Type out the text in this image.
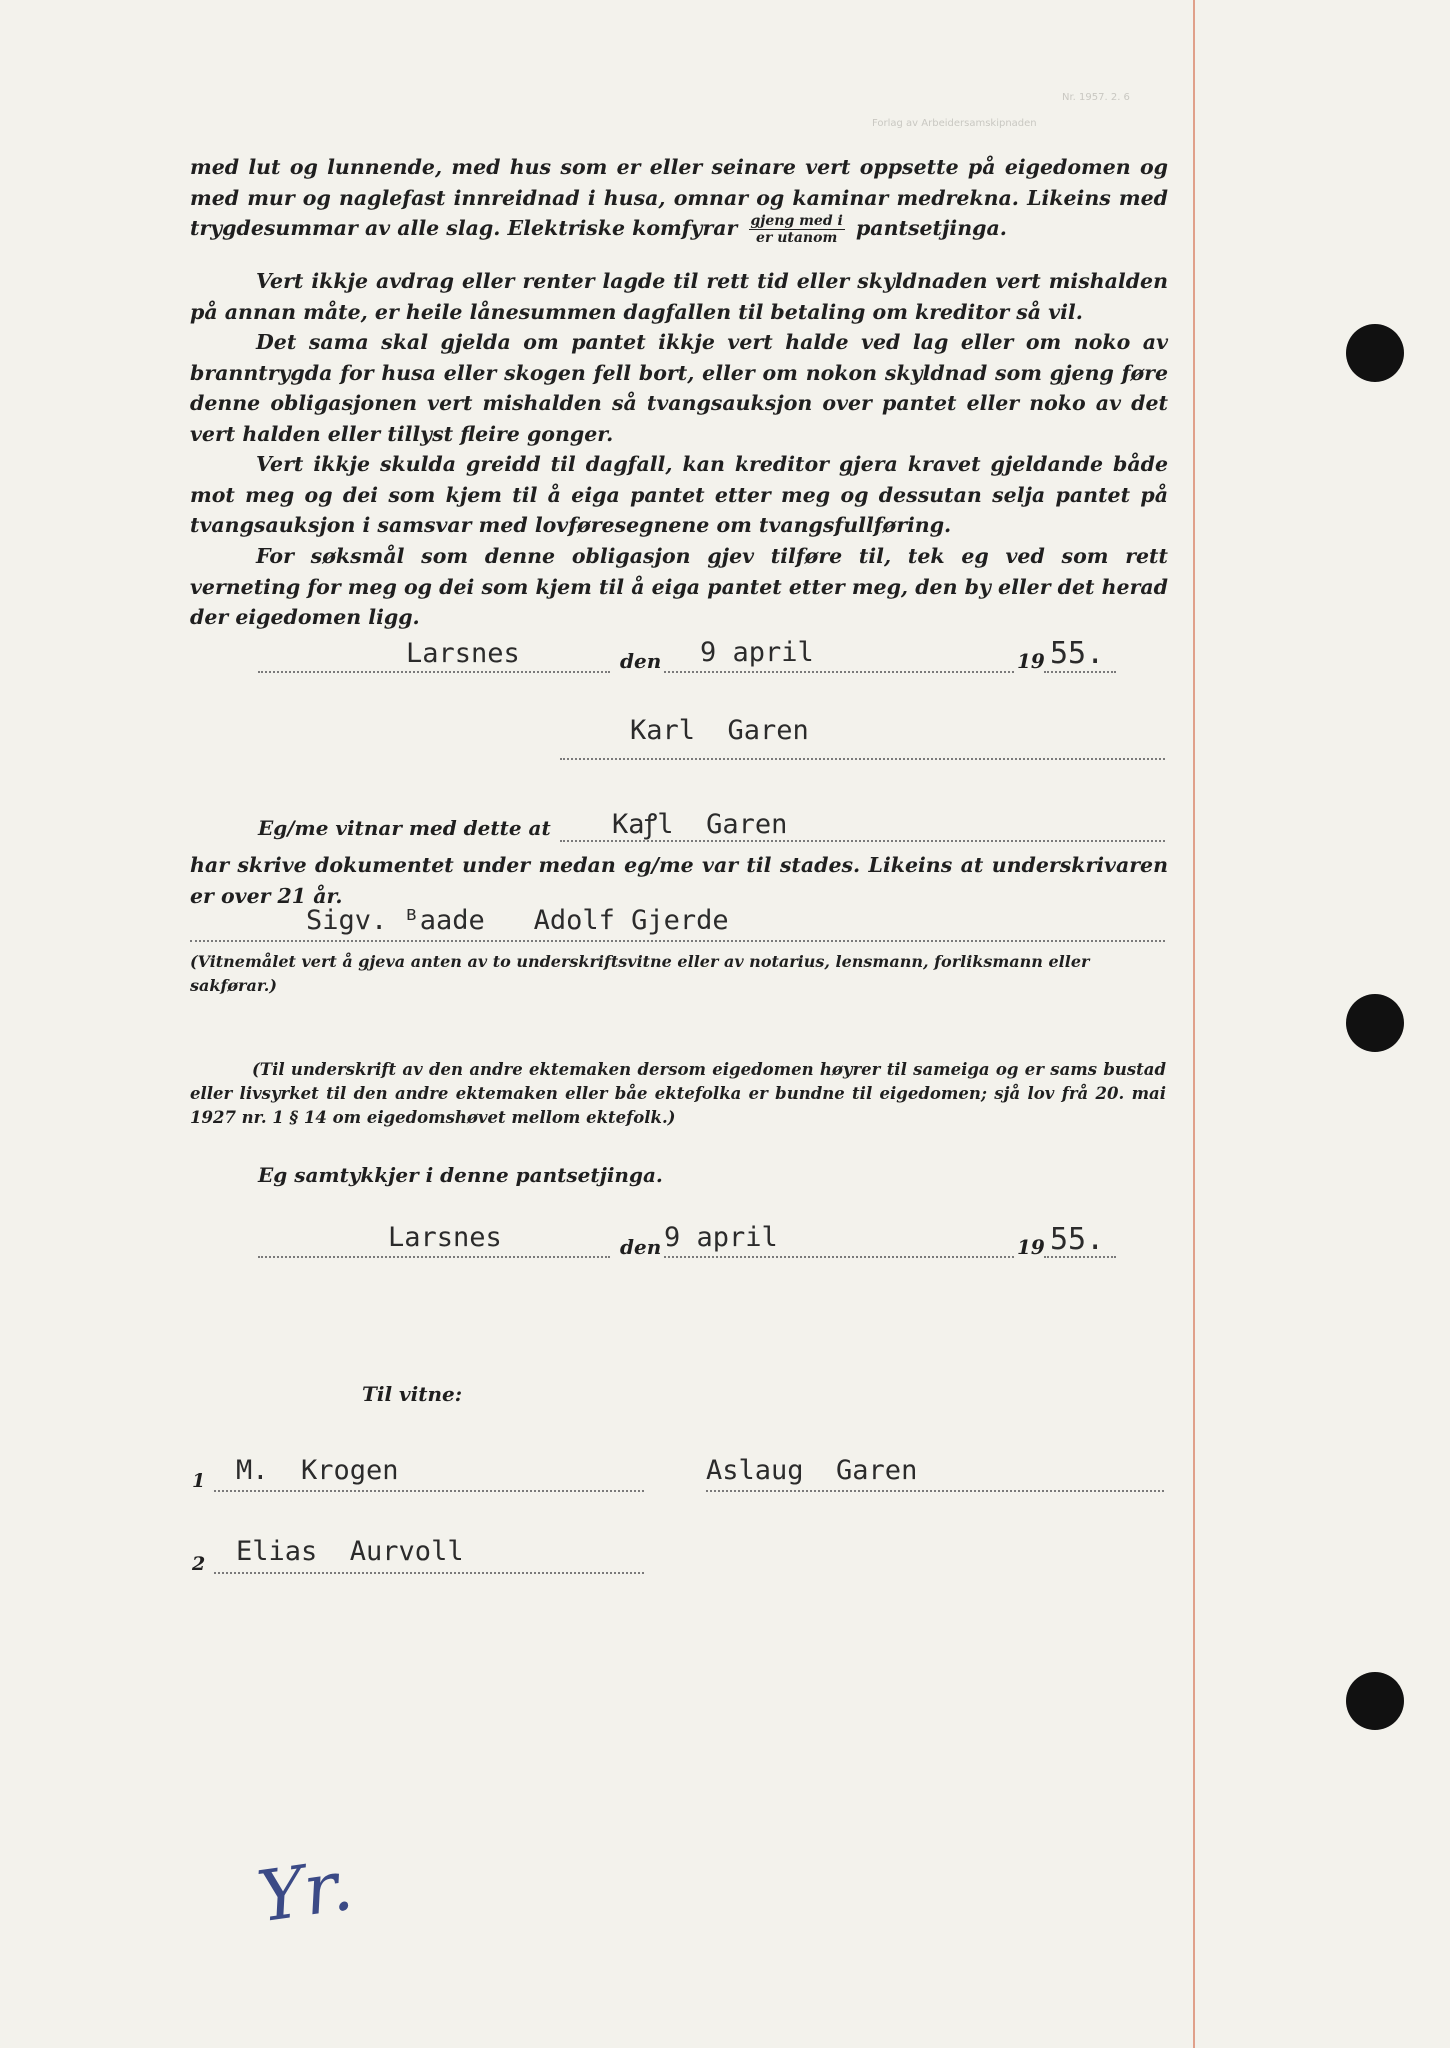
Nr. 1957. 2. 6
Forlag av Arbeidersamskipnaden
med lut og lunnende, med hus som er eller seinare vert oppsette på eigedomen og med mur og naglefast innreidnad i husa, omnar og kaminar medrekna. Likeins med trygdesummar av alle slag. Elektriske komfyrar $\frac{\text{gjeng med i}}{\text{er utanom}}$ pantsetjinga.
Vert ikkje avdrag eller renter lagde til rett tid eller skyldnaden vert mishalden på annan måte, er heile lånesummen dagfallen til betaling om kreditor så vil.
Det sama skal gjelda om pantet ikkje vert halde ved lag eller om noko av branntrygda for husa eller skogen fell bort, eller om nokon skyldnad som gjeng føre denne obligasjonen vert mishalden så tvangsauksjon over pantet eller noko av det vert halden eller tillyst fleire gonger.
Vert ikkje skulda greidd til dagfall, kan kreditor gjera kravet gjeldande både mot meg og dei som kjem til å eiga pantet etter meg og dessutan selja pantet på tvangsauksjon i samsvar med lovføresegnene om tvangsfullføring.
For søksmål som denne obligasjon gjev tilføre til, tek eg ved som rett verneting for meg og dei som kjem til å eiga pantet etter meg, den by eller det herad der eigedomen ligg.
Larsnes	den 9 april	19 55.
Karl  Garen
Eg/me vitnar med dette at Kaꝭl  Garen
har skrive dokumentet under medan eg/me var til stades. Likeins at underskrivaren er over 21 år.
Sigv. ᴮaade   Adolf Gjerde
(Vitnemålet vert å gjeva anten av to underskriftsvitne eller av notarius, lensmann, forliksmann eller sakførar.)
(Til underskrift av den andre ektemaken dersom eigedomen høyrer til sameiga og er sams bustad eller livsyrket til den andre ektemaken eller båe ektefolka er bundne til eigedomen; sjå lov frå 20. mai 1927 nr. 1 § 14 om eigedomshøvet mellom ektefolk.)
Eg samtykkjer i denne pantsetjinga.
Larsnes	den 9 april	19 55.
Til vitne:
1 M.  Krogen	Aslaug  Garen
2 Elias  Aurvoll
Yr.
